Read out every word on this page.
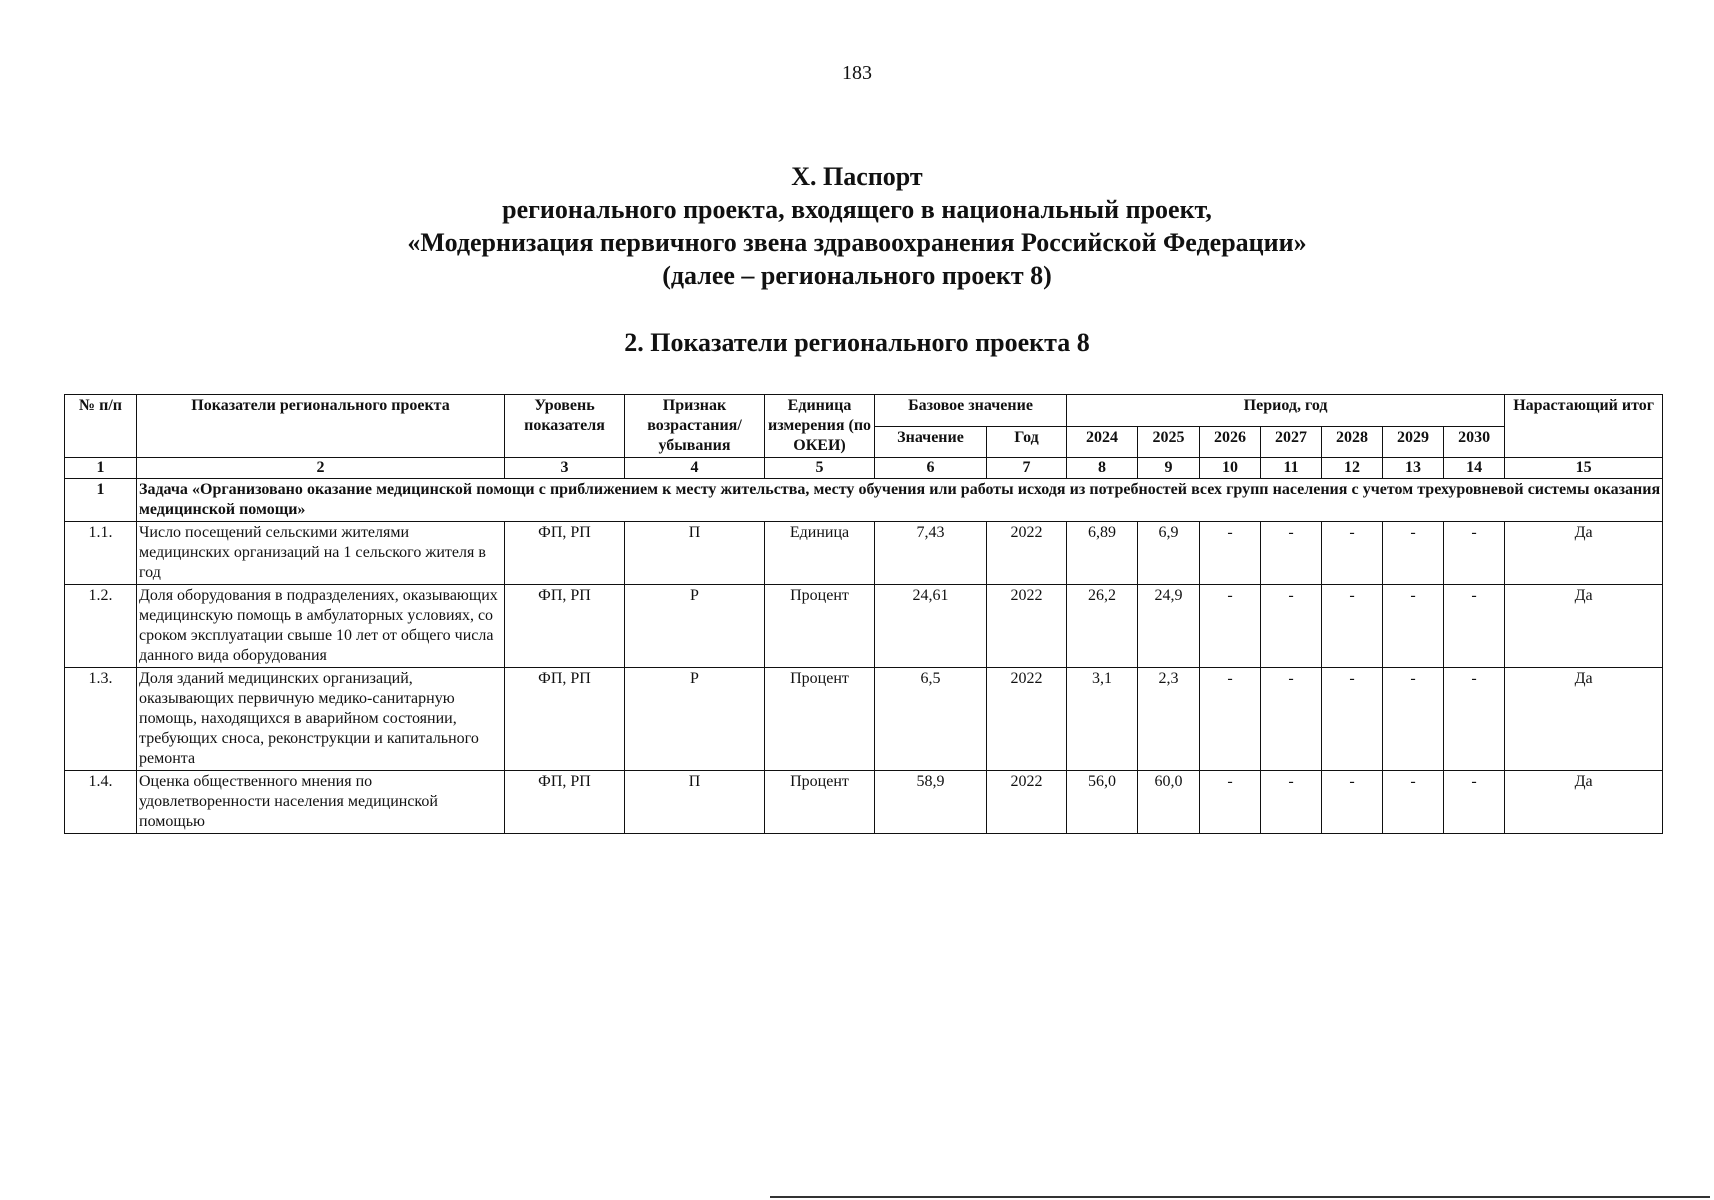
183
X. Паспорт
регионального проекта, входящего в национальный проект,
«Модернизация первичного звена здравоохранения Российской Федерации»
(далее – регионального проект 8)
2. Показатели регионального проекта 8
№ п/п	Показатели регионального проекта	Уровень показателя	Признак возрастания/ убывания	Единица измерения (по ОКЕИ)	Базовое значение		Период, год							Нарастающий итог
					Значение	Год	2024	2025	2026	2027	2028	2029	2030	
1	2	3	4	5	6	7	8	9	10	11	12	13	14	15
1	Задача «Организовано оказание медицинской помощи с приближением к месту жительства, месту обучения или работы исходя из потребностей всех групп населения с учетом трехуровневой системы оказания медицинской помощи»													
1.1.	Число посещений сельскими жителями медицинских организаций на 1 сельского жителя в год	ФП, РП	П	Единица	7,43	2022	6,89	6,9	-	-	-	-	-	Да
1.2.	Доля оборудования в подразделениях, оказывающих медицинскую помощь в амбулаторных условиях, со сроком эксплуатации свыше 10 лет от общего числа данного вида оборудования	ФП, РП	Р	Процент	24,61	2022	26,2	24,9	-	-	-	-	-	Да
1.3.	Доля зданий медицинских организаций, оказывающих первичную медико-санитарную помощь, находящихся в аварийном состоянии, требующих сноса, реконструкции и капитального ремонта	ФП, РП	Р	Процент	6,5	2022	3,1	2,3	-	-	-	-	-	Да
1.4.	Оценка общественного мнения по удовлетворенности населения медицинской помощью	ФП, РП	П	Процент	58,9	2022	56,0	60,0	-	-	-	-	-	Да
